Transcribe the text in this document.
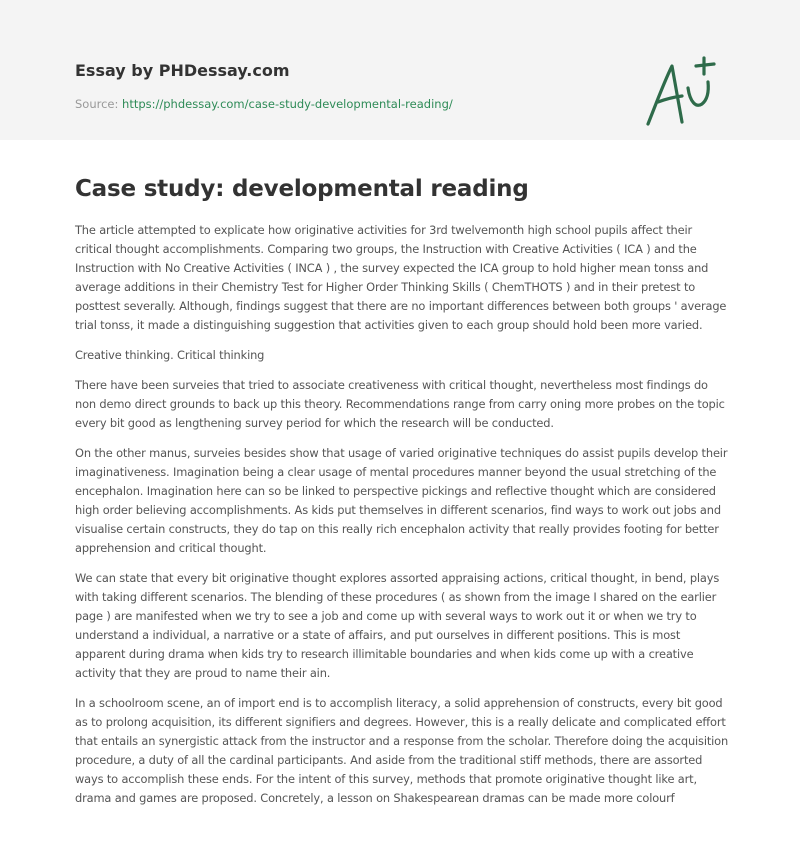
Essay by PHDessay.com
Source: https://phdessay.com/case-study-developmental-reading/
Case study: developmental reading

The article attempted to explicate how originative activities for 3rd twelvemonth high school pupils affect their critical thought accomplishments. Comparing two groups, the Instruction with Creative Activities ( ICA ) and the Instruction with No Creative Activities ( INCA ) , the survey expected the ICA group to hold higher mean tonss and average additions in their Chemistry Test for Higher Order Thinking Skills ( ChemTHOTS ) and in their pretest to posttest severally. Although, findings suggest that there are no important differences between both groups ' average trial tonss, it made a distinguishing suggestion that activities given to each group should hold been more varied.

Creative thinking. Critical thinking

There have been surveies that tried to associate creativeness with critical thought, nevertheless most findings do non demo direct grounds to back up this theory. Recommendations range from carry oning more probes on the topic every bit good as lengthening survey period for which the research will be conducted.

On the other manus, surveies besides show that usage of varied originative techniques do assist pupils develop their imaginativeness. Imagination being a clear usage of mental procedures manner beyond the usual stretching of the encephalon. Imagination here can so be linked to perspective pickings and reflective thought which are considered high order believing accomplishments. As kids put themselves in different scenarios, find ways to work out jobs and visualise certain constructs, they do tap on this really rich encephalon activity that really provides footing for better apprehension and critical thought.

We can state that every bit originative thought explores assorted appraising actions, critical thought, in bend, plays with taking different scenarios. The blending of these procedures ( as shown from the image I shared on the earlier page ) are manifested when we try to see a job and come up with several ways to work out it or when we try to understand a individual, a narrative or a state of affairs, and put ourselves in different positions. This is most apparent during drama when kids try to research illimitable boundaries and when kids come up with a creative activity that they are proud to name their ain.

In a schoolroom scene, an of import end is to accomplish literacy, a solid apprehension of constructs, every bit good as to prolong acquisition, its different signifiers and degrees. However, this is a really delicate and complicated effort that entails an synergistic attack from the instructor and a response from the scholar. Therefore doing the acquisition procedure, a duty of all the cardinal participants. And aside from the traditional stiff methods, there are assorted ways to accomplish these ends. For the intent of this survey, methods that promote originative thought like art, drama and games are proposed. Concretely, a lesson on Shakespearean dramas can be made more colourf
